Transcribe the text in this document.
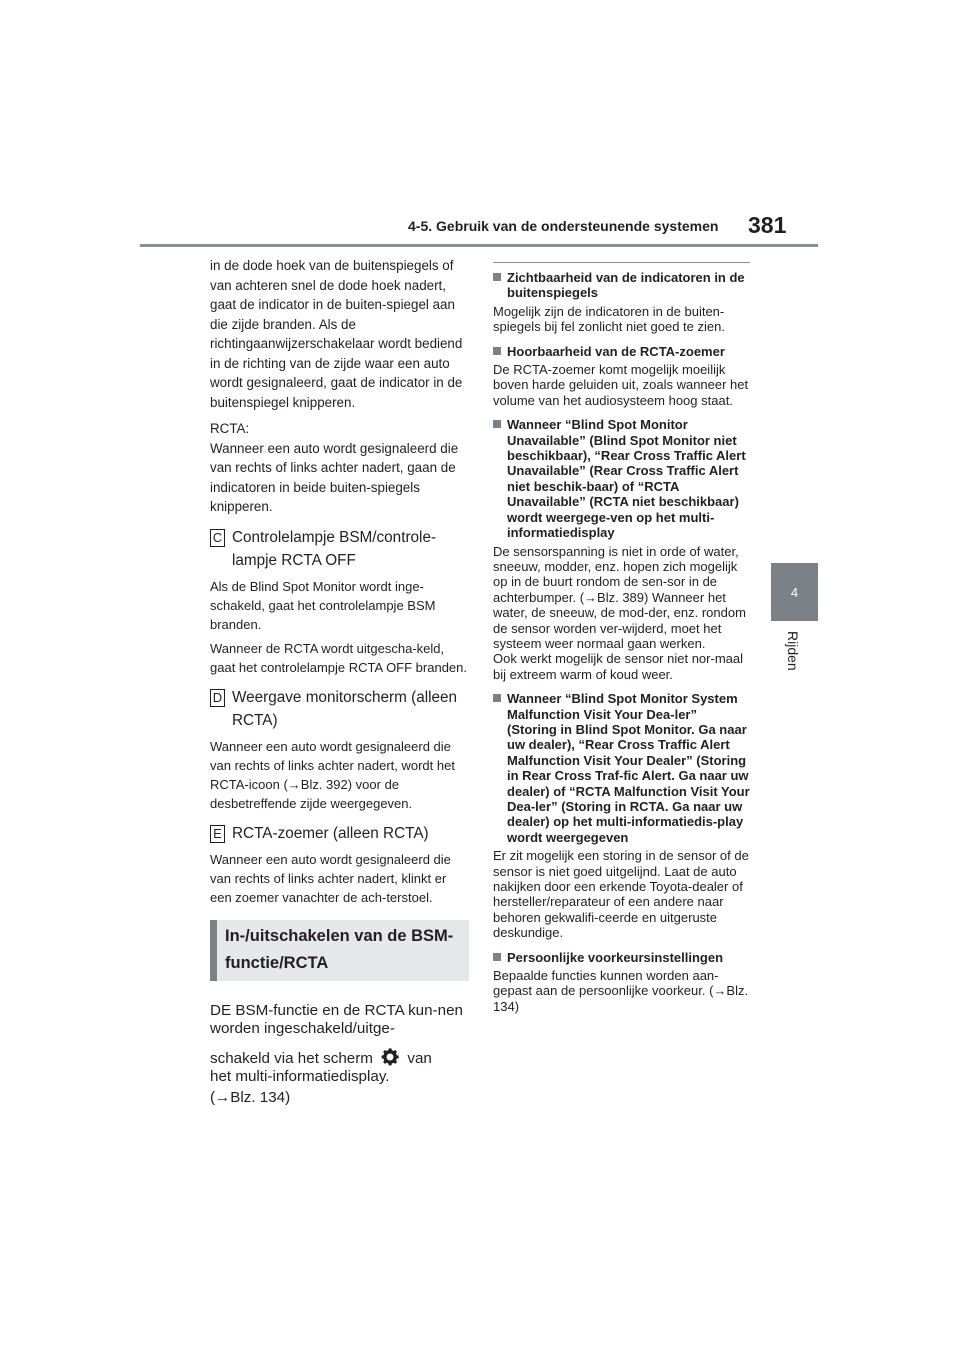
4-5. Gebruik van de ondersteunende systemen 381
4
Rijden

in de dode hoek van de buitenspiegels of van achteren snel de dode hoek nadert, gaat de indicator in de buiten-spiegel aan die zijde branden. Als de richtingaanwijzerschakelaar wordt bediend in de richting van de zijde waar een auto wordt gesignaleerd, gaat de indicator in de buitenspiegel knipperen.

RCTA:

Wanneer een auto wordt gesignaleerd die van rechts of links achter nadert, gaan de indicatoren in beide buiten-spiegels knipperen.

C Controlelampje BSM/controle-lampje RCTA OFF

Als de Blind Spot Monitor wordt inge-schakeld, gaat het controlelampje BSM branden.

Wanneer de RCTA wordt uitgescha-keld, gaat het controlelampje RCTA OFF branden.

D Weergave monitorscherm (alleen RCTA)

Wanneer een auto wordt gesignaleerd die van rechts of links achter nadert, wordt het RCTA-icoon (→Blz. 392) voor de desbetreffende zijde weergegeven.

E RCTA-zoemer (alleen RCTA)

Wanneer een auto wordt gesignaleerd die van rechts of links achter nadert, klinkt er een zoemer vanachter de ach-terstoel.

In-/uitschakelen van de BSM-functie/RCTA

DE BSM-functie en de RCTA kun-nen worden ingeschakeld/uitge-

schakeld via het scherm van

het multi-informatiedisplay.

(→Blz. 134)

Zichtbaarheid van de indicatoren in de buitenspiegels

Mogelijk zijn de indicatoren in de buiten-spiegels bij fel zonlicht niet goed te zien.

Hoorbaarheid van de RCTA-zoemer

De RCTA-zoemer komt mogelijk moeilijk boven harde geluiden uit, zoals wanneer het volume van het audiosysteem hoog staat.

Wanneer “Blind Spot Monitor Unavailable” (Blind Spot Monitor niet beschikbaar), “Rear Cross Traffic Alert Unavailable” (Rear Cross Traffic Alert niet beschik-baar) of “RCTA Unavailable” (RCTA niet beschikbaar) wordt weergege-ven op het multi-informatiedisplay

De sensorspanning is niet in orde of water, sneeuw, modder, enz. hopen zich mogelijk op in de buurt rondom de sen-sor in de achterbumper. (→Blz. 389) Wanneer het water, de sneeuw, de mod-der, enz. rondom de sensor worden ver-wijderd, moet het systeem weer normaal gaan werken.

Ook werkt mogelijk de sensor niet nor-maal bij extreem warm of koud weer.

Wanneer “Blind Spot Monitor System Malfunction Visit Your Dea-ler” (Storing in Blind Spot Monitor. Ga naar uw dealer), “Rear Cross Traffic Alert Malfunction Visit Your Dealer” (Storing in Rear Cross Traf-fic Alert. Ga naar uw dealer) of “RCTA Malfunction Visit Your Dea-ler” (Storing in RCTA. Ga naar uw dealer) op het multi-informatiedis-play wordt weergegeven

Er zit mogelijk een storing in de sensor of de sensor is niet goed uitgelijnd. Laat de auto nakijken door een erkende Toyota-dealer of hersteller/reparateur of een andere naar behoren gekwalifi-ceerde en uitgeruste deskundige.

Persoonlijke voorkeursinstellingen

Bepaalde functies kunnen worden aan-gepast aan de persoonlijke voorkeur. (→Blz. 134)
